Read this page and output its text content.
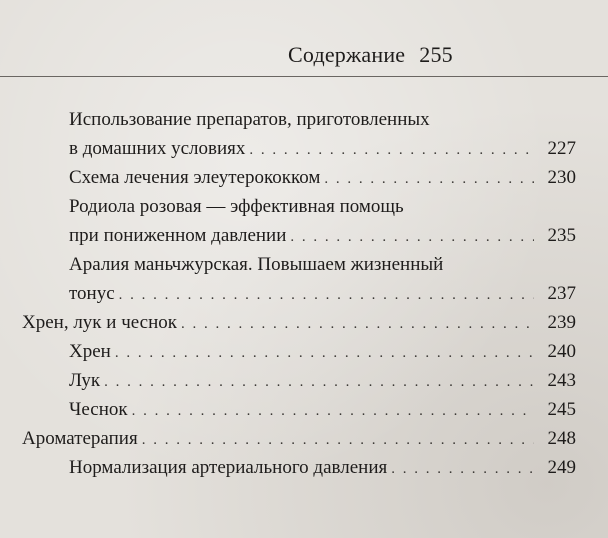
Содержание 255
Использование препаратов, приготовленных
в домашних условиях . . .	227
Схема лечения элеутерококком . . .	230
Родиола розовая — эффективная помощь
при пониженном давлении . . .	235
Аралия маньчжурская. Повышаем жизненный
тонус . . .	237
Хрен, лук и чеснок . . .	239
Хрен . . .	240
Лук . . .	243
Чеснок . . .	245
Ароматерапия . . .	248
Нормализация артериального давления . . .	249
